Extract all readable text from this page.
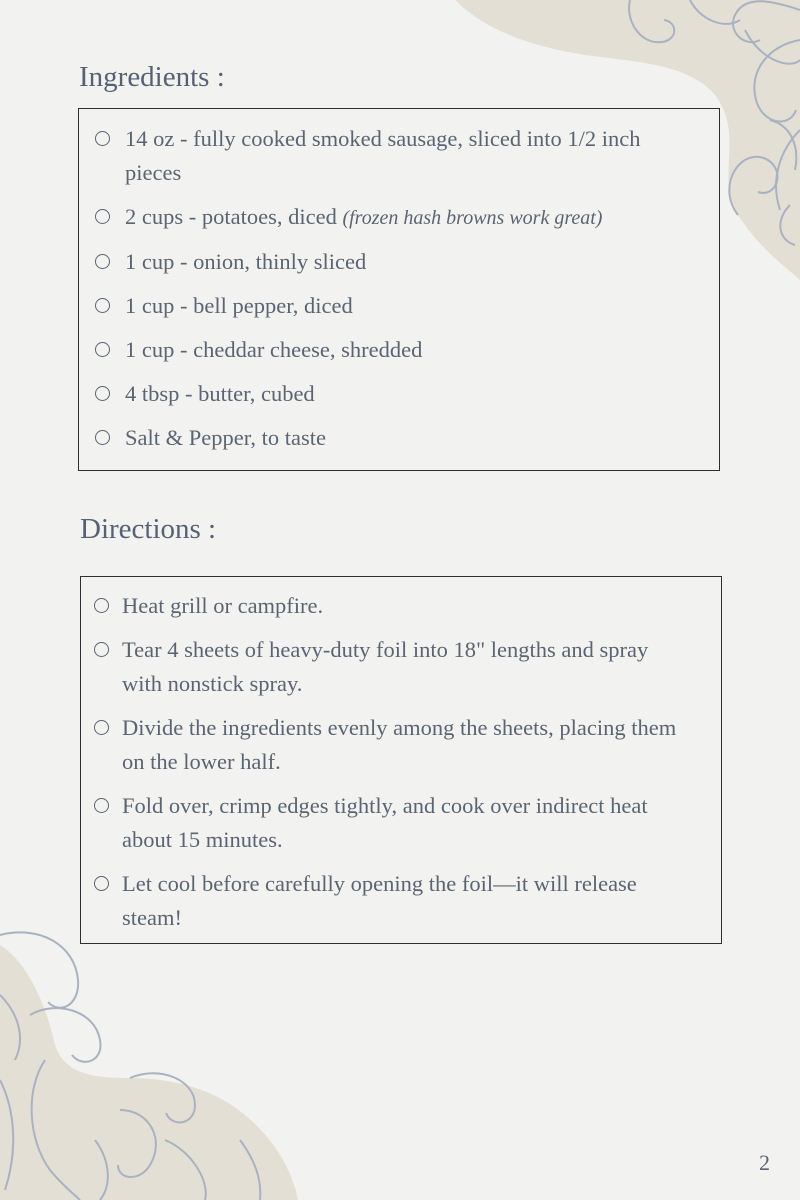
Ingredients :
14 oz - fully cooked smoked sausage, sliced into 1/2 inch pieces
2 cups - potatoes, diced (frozen hash browns work great)
1 cup - onion, thinly sliced
1 cup - bell pepper, diced
1 cup - cheddar cheese, shredded
4 tbsp - butter, cubed
Salt & Pepper, to taste
Directions :
Heat grill or campfire.
Tear 4 sheets of heavy-duty foil into 18" lengths and spray with nonstick spray.
Divide the ingredients evenly among the sheets, placing them on the lower half.
Fold over, crimp edges tightly, and cook over indirect heat about 15 minutes.
Let cool before carefully opening the foil—it will release steam!
2
